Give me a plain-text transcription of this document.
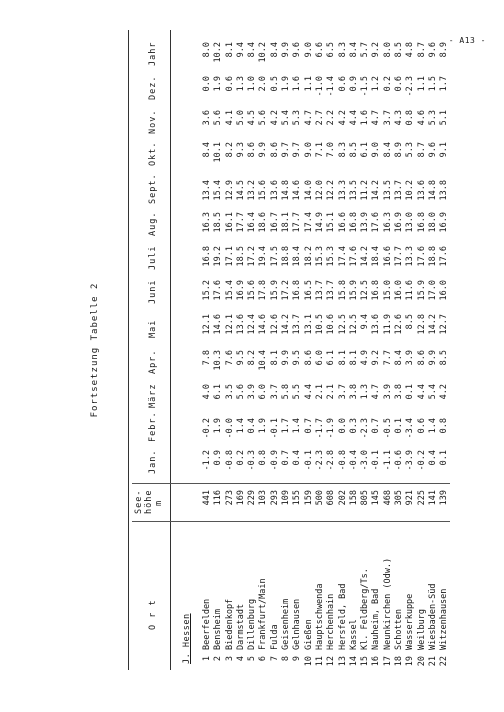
- A13 -
Fortsetzung Tabelle 2
O r t
See- höhe m
Jan.
Febr.
März
Apr.
Mai
Juni
Juli
Aug.
Sept.
Okt.
Nov.
Dez.
Jahr
J. Hessen 1
Beerfelden
441
-1.2
-0.2
4.0
7.8
12.1
15.2
16.8
16.3
13.4
8.4
3.6
0.0
8.0
2
Bensheim
116
0.9
1.9
6.1
10.3
14.6
17.6
19.2
18.5
15.4
10.1
5.6
1.9
10.2
3
Biedenkopf
273
-0.8
-0.0
3.5
7.6
12.1
15.4
17.1
16.1
12.9
8.2
4.1
0.6
8.1
4
Darmstadt
169
0.2
1.4
5.6
9.5
13.6
16.9
18.5
17.7
14.5
9.3
5.0
1.3
9.4
5
Dillenburg
229
-0.3
0.4
3.9
8.2
12.4
15.6
17.2
16.4
13.2
8.6
4.5
1.0
8.4
6
Frankfurt/Main
103
0.8
1.9
6.0
10.4
14.6
17.8
19.4
18.6
15.6
9.9
5.6
2.0
10.2
7
Fulda
293
-0.9
-0.1
3.7
8.1
12.6
15.9
17.5
16.7
13.6
8.6
4.2
0.5
8.4
8
Geisenheim
109
0.7
1.7
5.8
9.9
14.2
17.2
18.8
18.1
14.8
9.7
5.4
1.9
9.9
9
Gelnhausen
155
0.4
1.4
5.5
9.5
13.7
16.8
18.4
17.7
14.6
9.7
5.3
1.6
9.6
10
Gießen
159
-0.1
0.7
4.4
8.6
13.1
16.5
18.2
17.4
14.0
9.0
4.7
1.1
9.0
11
Hauptschwenda
500
-2.3
-1.7
2.1
6.0
10.5
13.7
15.3
14.9
12.0
7.1
2.7
-1.0
6.6
12
Herchenhain
608
-2.8
-1.9
2.1
6.1
10.6
13.7
15.3
15.1
12.2
7.0
2.2
-1.4
6.5
13
Hersfeld, Bad
202
-0.8
0.0
3.7
8.1
12.5
15.8
17.4
16.6
13.3
8.3
4.2
0.6
8.3
14
Kassel
158
-0.4
0.3
3.8
8.1
12.5
15.9
17.6
16.8
13.5
8.5
4.4
0.9
8.4
15
Kl. Feldberg/Ts.
805
-3.0
-2.3
1.3
4.9
9.4
12.5
14.2
13.9
11.2
6.1
1.6
-1.5
5.7
16
Nauheim, Bad
145
-0.1
0.7
4.7
9.2
13.6
16.8
18.4
17.6
14.2
9.0
4.7
1.2
9.2
17
Neunkirchen (Odw.)
468
-1.1
-0.5
3.9
7.7
11.9
15.0
16.6
16.3
13.5
8.4
3.7
0.2
8.0
18
Schotten
305
-0.6
0.1
3.8
8.4
12.6
16.0
17.7
16.9
13.7
8.9
4.3
0.6
8.5
19
Wasserkuppe
921
-3.9
-3.4
0.1
3.9
8.5
11.6
13.3
13.0
10.2
5.3
0.8
-2.3
4.8
20
Weilburg
225
-0.2
0.6
4.4
8.6
12.8
15.9
17.6
16.8
13.6
8.7
4.6
1.1
8.7
21
Wiesbaden-Süd
141
0.4
1.4
5.4
9.9
14.2
17.0
18.8
18.0
14.8
9.6
5.3
1.5
9.6
22
Witzenhausen
139
0.1
0.8
4.2
8.5
12.7
16.0
17.6
16.9
13.8
9.1
5.1
1.7
8.9
